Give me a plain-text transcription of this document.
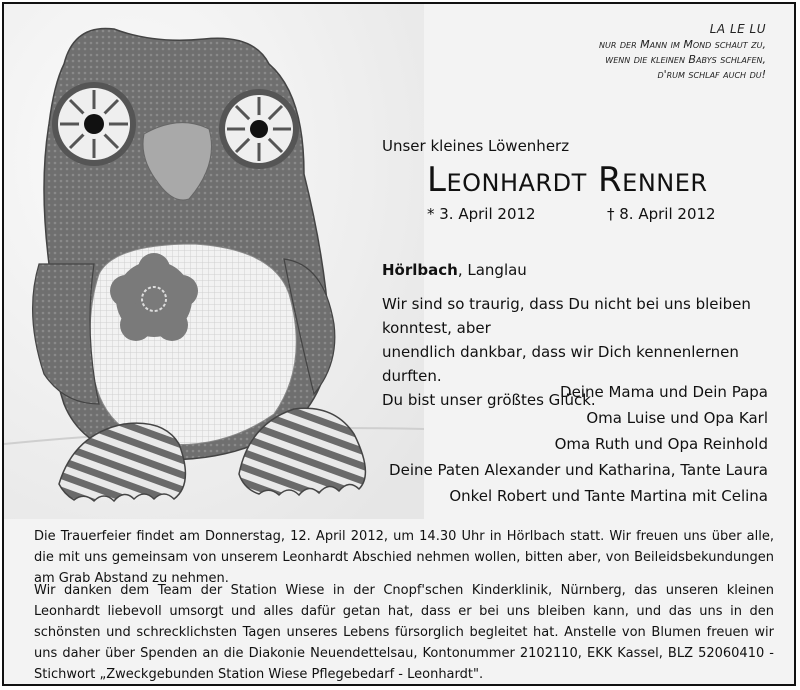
LA LE LU
nur der Mann im Mond schaut zu,
wenn die kleinen Babys schlafen,
d'rum schlaf auch du!
Unser kleines Löwenherz
Leonhardt Renner
* 3. April 2012	† 8. April 2012
Hörlbach, Langlau
Wir sind so traurig, dass Du nicht bei uns bleiben konntest, aber
unendlich dankbar, dass wir Dich kennenlernen durften.
Du bist unser größtes Glück.
Deine Mama und Dein Papa
Oma Luise und Opa Karl
Oma Ruth und Opa Reinhold
Deine Paten Alexander und Katharina, Tante Laura
Onkel Robert und Tante Martina mit Celina
Die Trauerfeier findet am Donnerstag, 12. April 2012, um 14.30 Uhr in Hörlbach statt. Wir freuen uns über alle, die mit uns gemeinsam von unserem Leonhardt Abschied nehmen wollen, bitten aber, von Beileidsbekundungen am Grab Abstand zu nehmen.
Wir danken dem Team der Station Wiese in der Cnopf'schen Kinderklinik, Nürnberg, das unseren kleinen Leonhardt liebevoll umsorgt und alles dafür getan hat, dass er bei uns bleiben kann, und das uns in den schönsten und schrecklichsten Tagen unseres Lebens fürsorglich begleitet hat. Anstelle von Blumen freuen wir uns daher über Spenden an die Diakonie Neuendettelsau, Kontonummer 2102110, EKK Kassel, BLZ 52060410 - Stichwort „Zweckgebunden Station Wiese Pflegebedarf - Leonhardt".
